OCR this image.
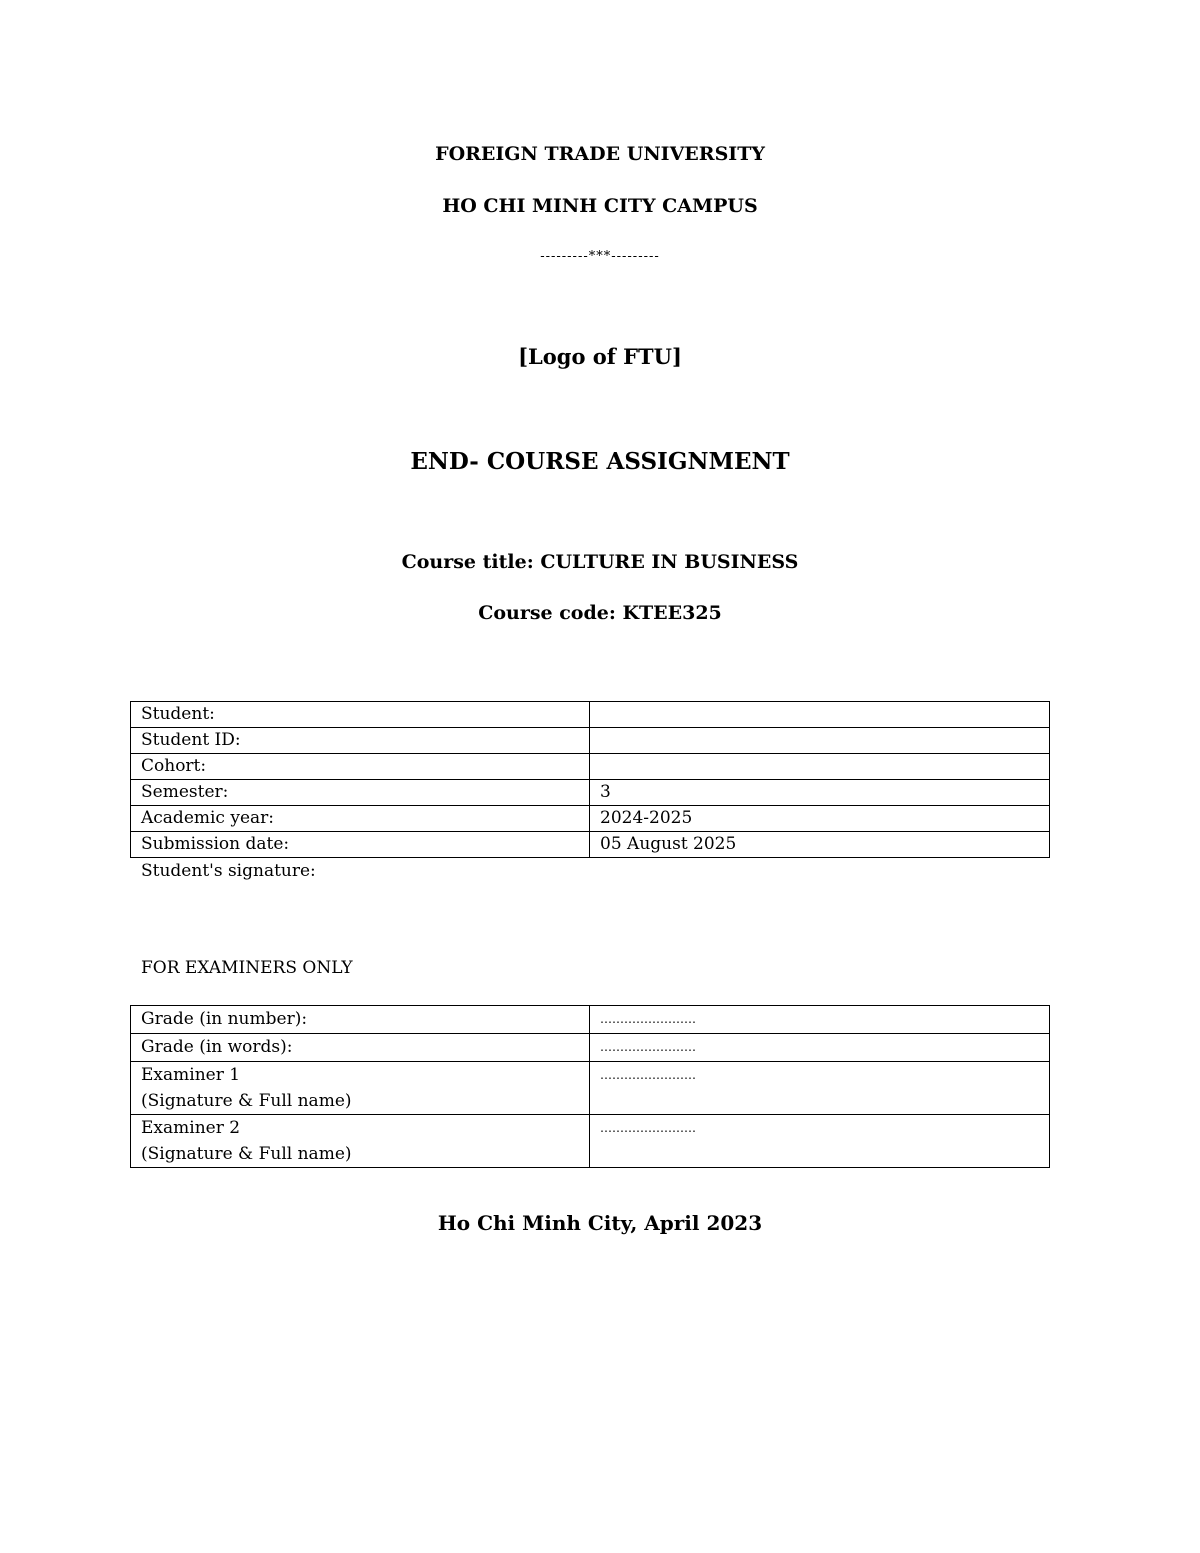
FOREIGN TRADE UNIVERSITY
HO CHI MINH CITY CAMPUS
---------***---------
[Logo of FTU]
END- COURSE ASSIGNMENT
Course title: CULTURE IN BUSINESS
Course code: KTEE325
Student:	
Student ID:	
Cohort:	
Semester:	3
Academic year:	2024-2025
Submission date:	05 August 2025
Student's signature:
FOR EXAMINERS ONLY
Grade (in number):	……………………
Grade (in words):	……………………

Examiner 1
(Signature & Full name)	……………………

Examiner 2
(Signature & Full name)	……………………
Ho Chi Minh City, April 2023
